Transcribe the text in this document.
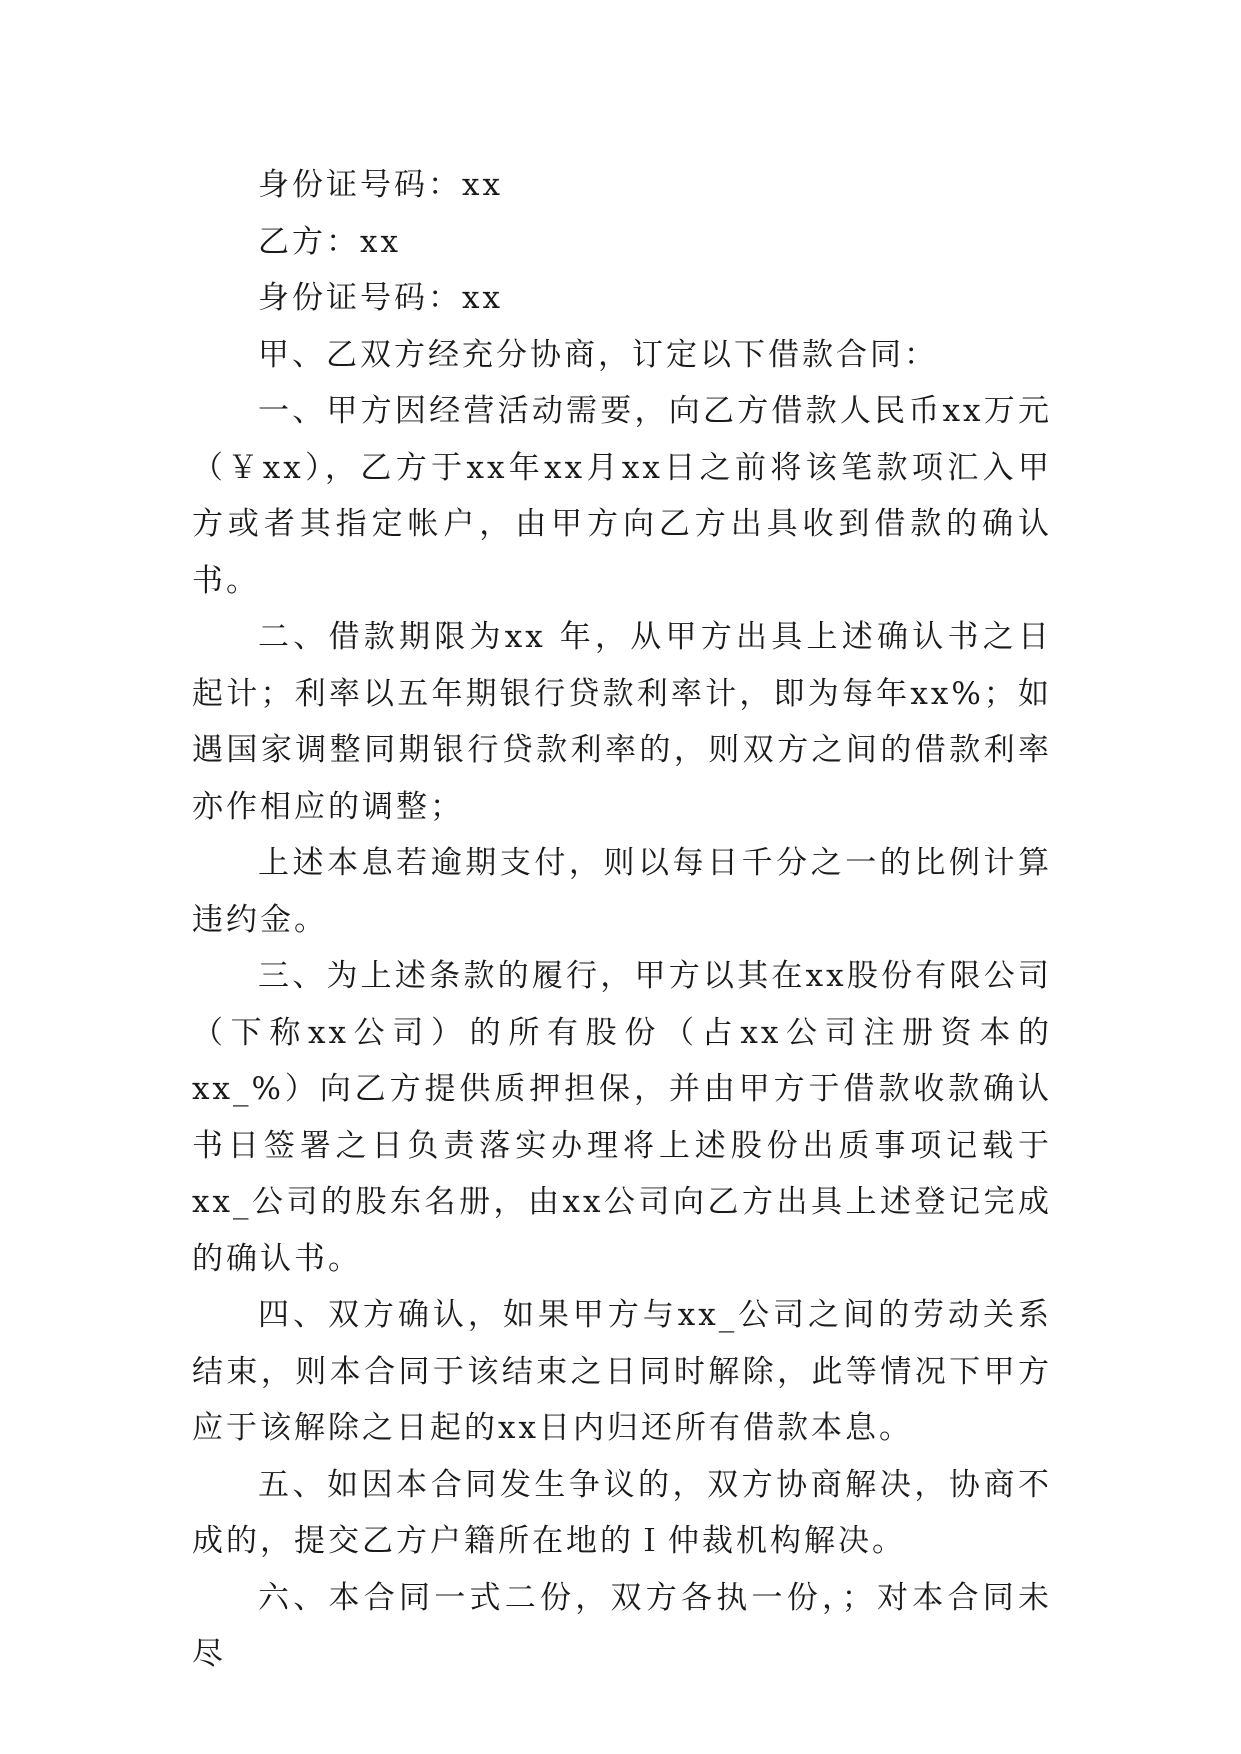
身份证号码：xx

乙方：xx

身份证号码：xx

甲、乙双方经充分协商，订定以下借款合同：

一、甲方因经营活动需要，向乙方借款人民币xx万元（￥xx），乙方于xx年xx月xx日之前将该笔款项汇入甲方或者其指定帐户，由甲方向乙方出具收到借款的确认书。

二、借款期限为xx 年，从甲方出具上述确认书之日起计；利率以五年期银行贷款利率计，即为每年xx%；如遇国家调整同期银行贷款利率的，则双方之间的借款利率亦作相应的调整；

上述本息若逾期支付，则以每日千分之一的比例计算违约金。

三、为上述条款的履行，甲方以其在xx股份有限公司（下称xx公司）的所有股份（占xx公司注册资本的xx_%）向乙方提供质押担保，并由甲方于借款收款确认书日签署之日负责落实办理将上述股份出质事项记载于xx_公司的股东名册，由xx公司向乙方出具上述登记完成的确认书。

四、双方确认，如果甲方与xx_公司之间的劳动关系结束，则本合同于该结束之日同时解除，此等情况下甲方应于该解除之日起的xx日内归还所有借款本息。

五、如因本合同发生争议的，双方协商解决，协商不成的，提交乙方户籍所在地的Ｉ仲裁机构解决。

六、本合同一式二份，双方各执一份，；对本合同未尽
